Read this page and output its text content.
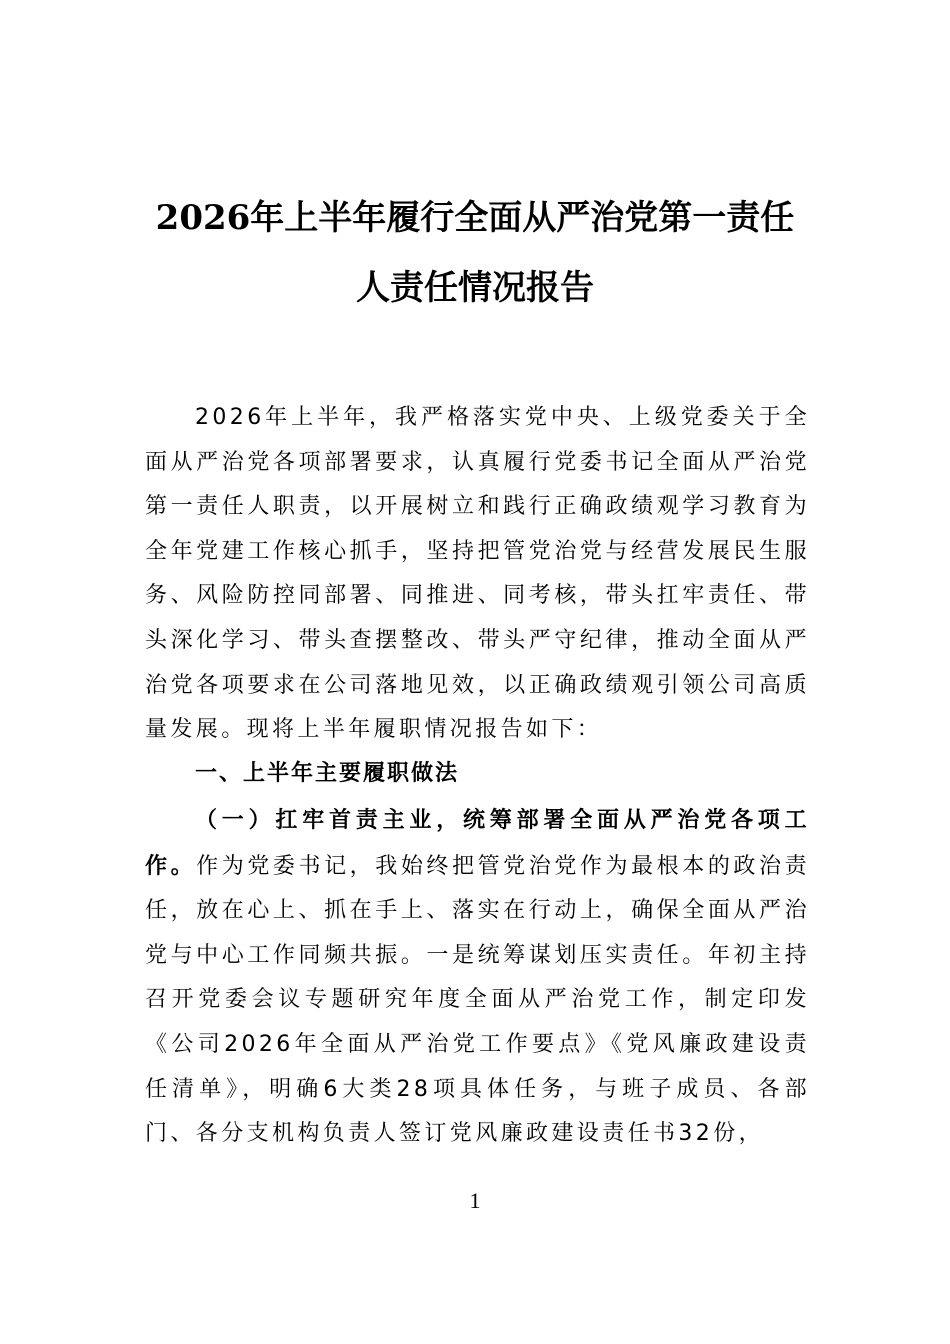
2026年上半年履行全面从严治党第一责任
人责任情况报告

2026年上半年，我严格落实党中央、上级党委关于全面从严治党各项部署要求，认真履行党委书记全面从严治党第一责任人职责，以开展树立和践行正确政绩观学习教育为全年党建工作核心抓手，坚持把管党治党与经营发展民生服务、风险防控同部署、同推进、同考核，带头扛牢责任、带头深化学习、带头查摆整改、带头严守纪律，推动全面从严治党各项要求在公司落地见效，以正确政绩观引领公司高质量发展。现将上半年履职情况报告如下：

一、上半年主要履职做法

（一）扛牢首责主业，统筹部署全面从严治党各项工作。作为党委书记，我始终把管党治党作为最根本的政治责任，放在心上、抓在手上、落实在行动上，确保全面从严治党与中心工作同频共振。一是统筹谋划压实责任。年初主持召开党委会议专题研究年度全面从严治党工作，制定印发《公司2026年全面从严治党工作要点》《党风廉政建设责任清单》，明确6大类28项具体任务，与班子成员、各部门、各分支机构负责人签订党风廉政建设责任书32份，

1
